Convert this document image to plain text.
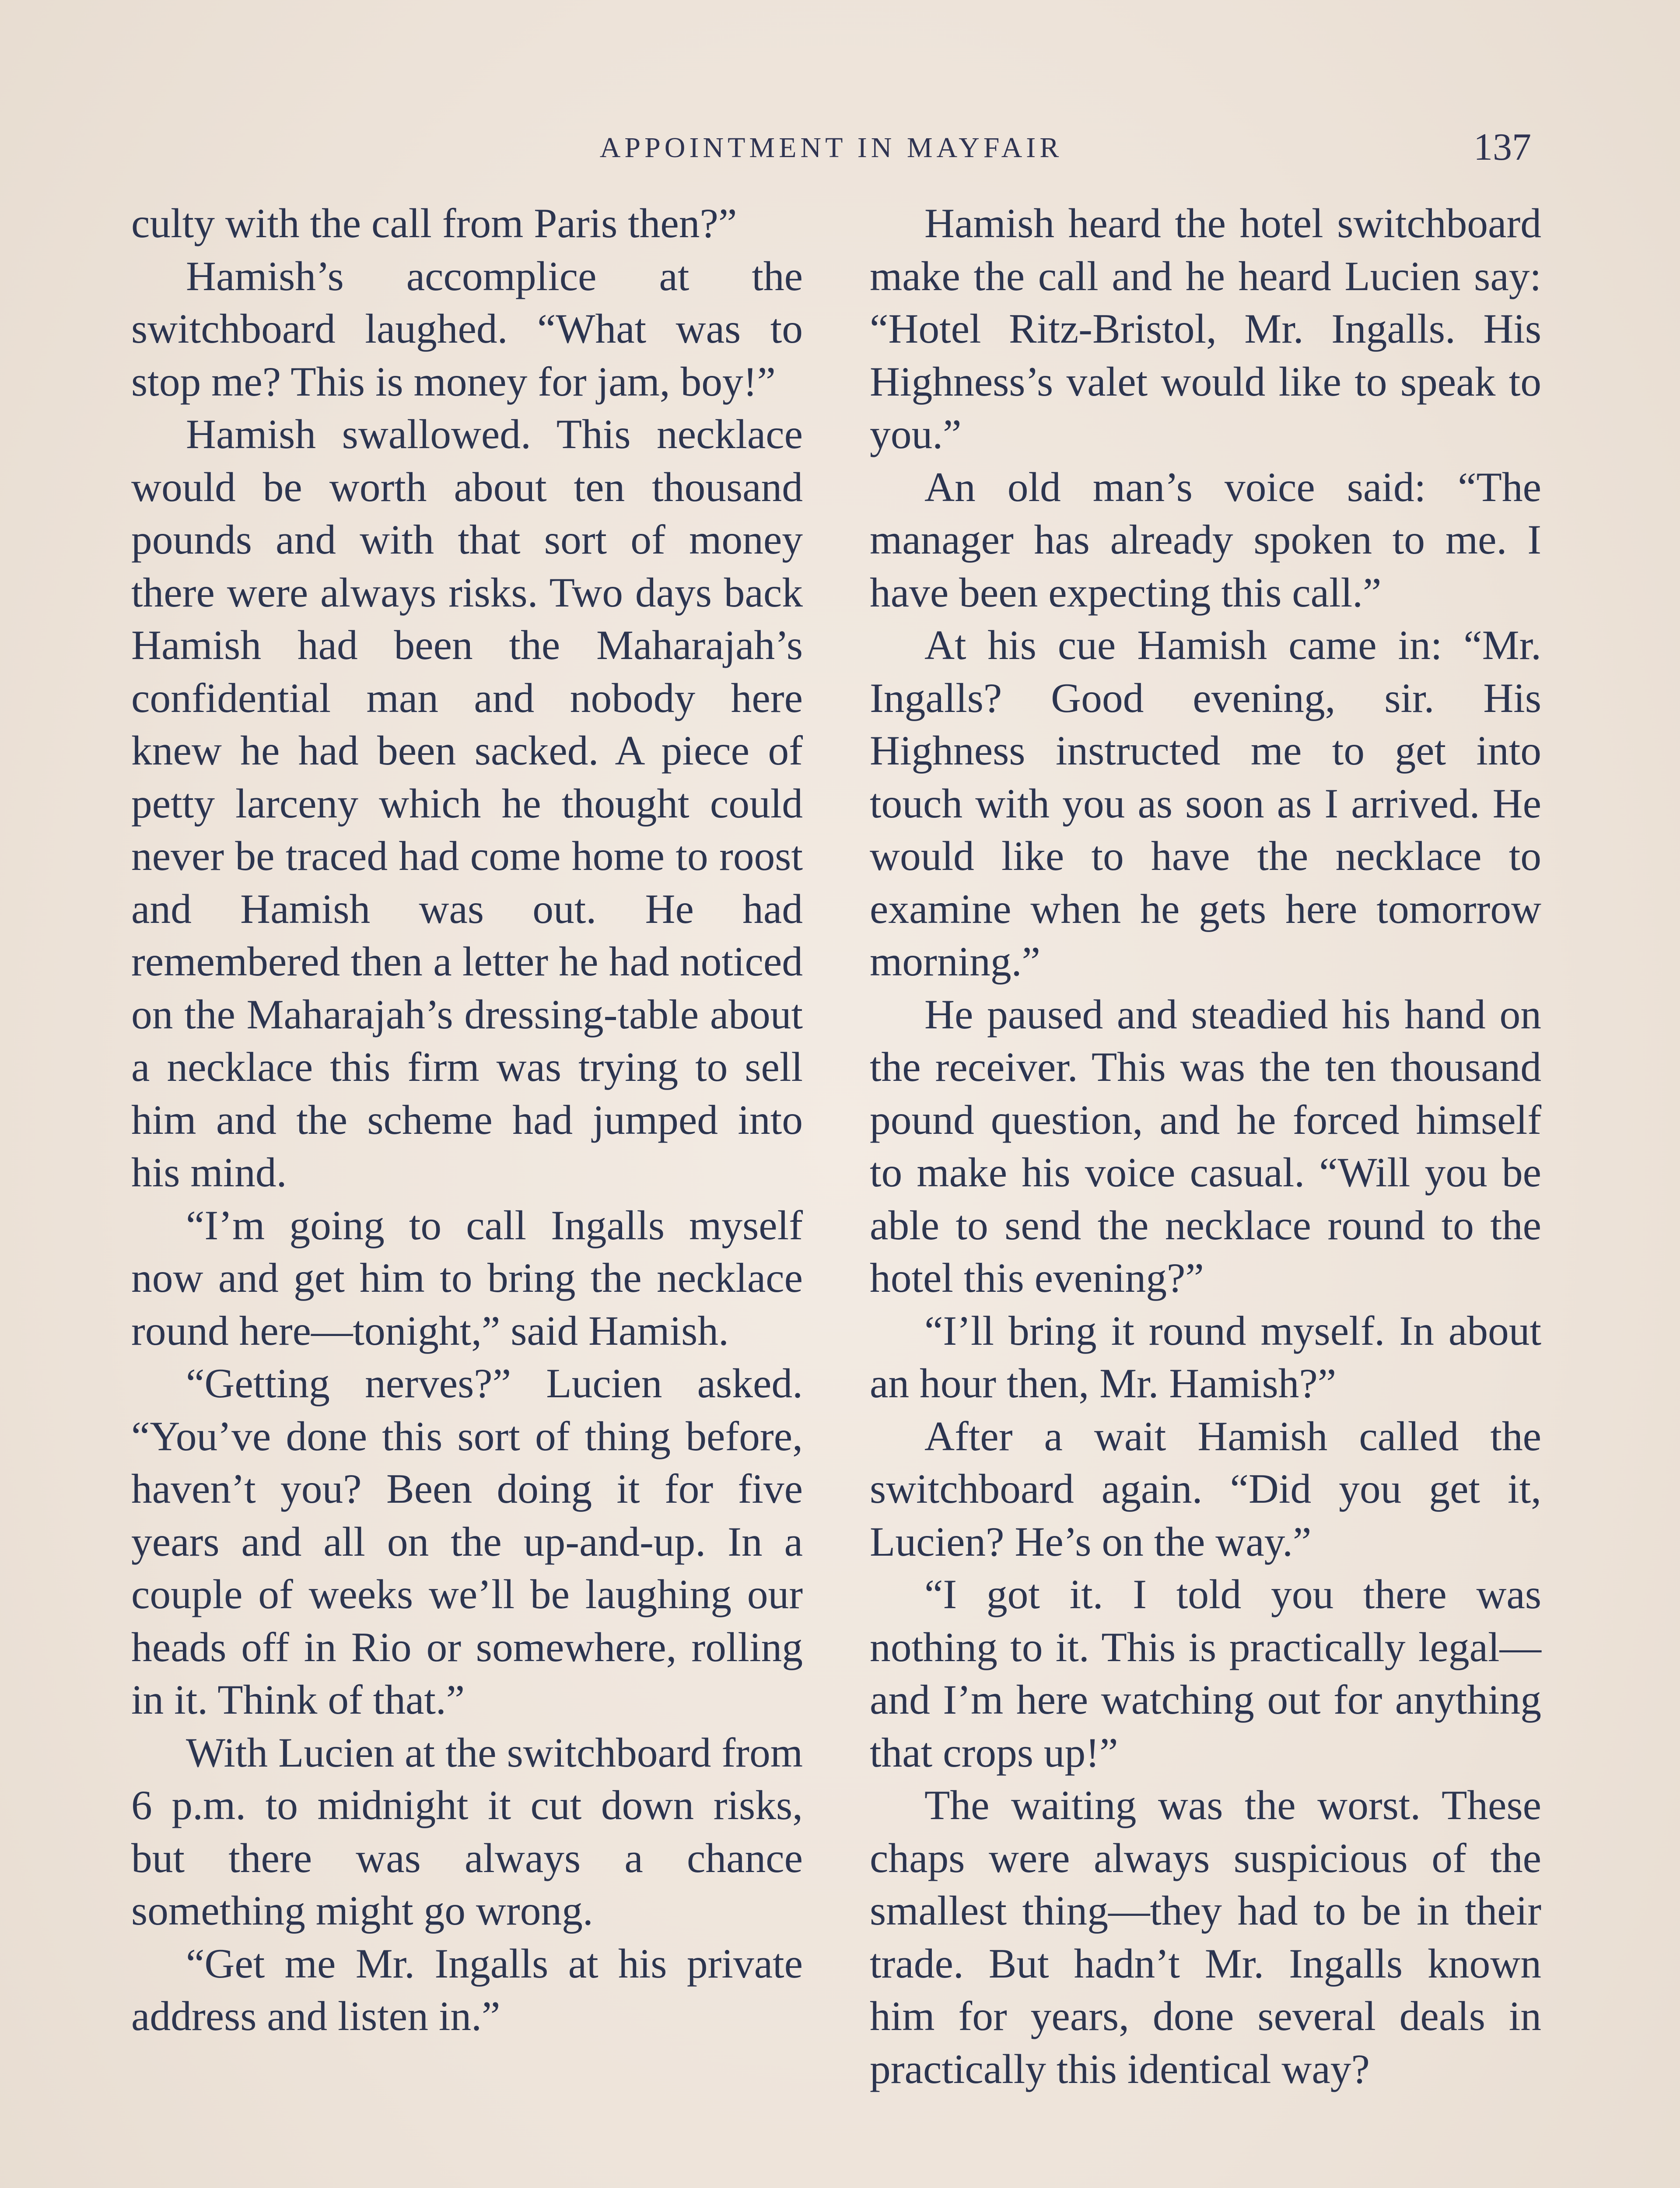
APPOINTMENT IN MAYFAIR	137

culty with the call from Paris then?”

Hamish’s accomplice at the switchboard laughed. “What was to stop me? This is money for jam, boy!”

Hamish swallowed. This necklace would be worth about ten thousand pounds and with that sort of money there were always risks. Two days back Hamish had been the Maharajah’s confidential man and nobody here knew he had been sacked. A piece of petty larceny which he thought could never be traced had come home to roost and Hamish was out. He had remembered then a letter he had noticed on the Maharajah’s dressing-table about a necklace this firm was trying to sell him and the scheme had jumped into his mind.

“I’m going to call Ingalls myself now and get him to bring the necklace round here—tonight,” said Hamish.

“Getting nerves?” Lucien asked. “You’ve done this sort of thing before, haven’t you? Been doing it for five years and all on the up-and-up. In a couple of weeks we’ll be laughing our heads off in Rio or somewhere, rolling in it. Think of that.”

With Lucien at the switchboard from 6 p.m. to midnight it cut down risks, but there was always a chance something might go wrong.

“Get me Mr. Ingalls at his private address and listen in.”

Hamish heard the hotel switchboard make the call and he heard Lucien say: “Hotel Ritz-Bristol, Mr. Ingalls. His Highness’s valet would like to speak to you.”

An old man’s voice said: “The manager has already spoken to me. I have been expecting this call.”

At his cue Hamish came in: “Mr. Ingalls? Good evening, sir. His Highness instructed me to get into touch with you as soon as I arrived. He would like to have the necklace to examine when he gets here tomorrow morning.”

He paused and steadied his hand on the receiver. This was the ten thousand pound question, and he forced himself to make his voice casual. “Will you be able to send the necklace round to the hotel this evening?”

“I’ll bring it round myself. In about an hour then, Mr. Hamish?”

After a wait Hamish called the switchboard again. “Did you get it, Lucien? He’s on the way.”

“I got it. I told you there was nothing to it. This is practically legal—and I’m here watching out for anything that crops up!”

The waiting was the worst. These chaps were always suspicious of the smallest thing—they had to be in their trade. But hadn’t Mr. Ingalls known him for years, done several deals in practically this identical way?
